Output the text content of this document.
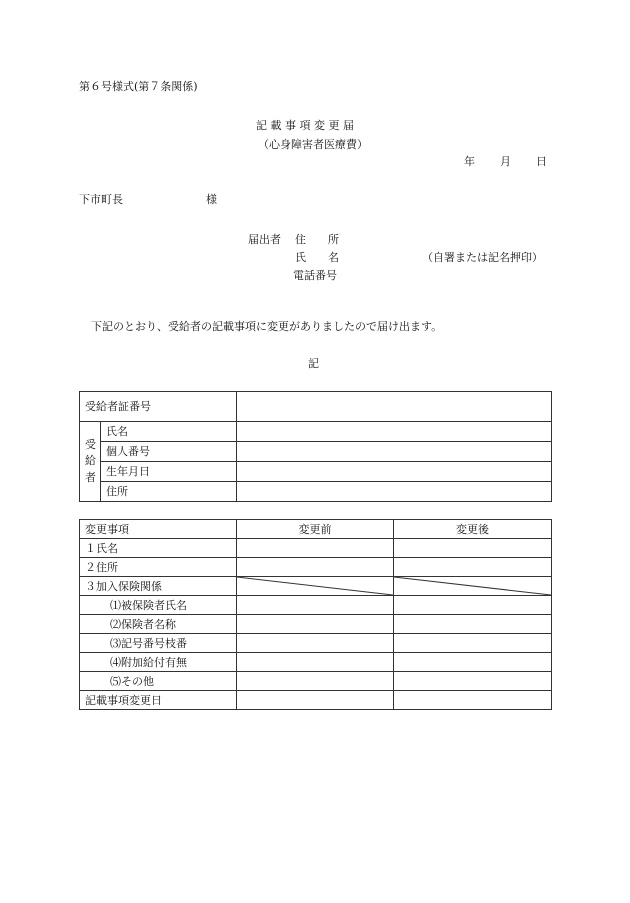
第６号様式(第７条関係)
記 載 事 項 変 更 届
（心身障害者医療費）
年 月 日
下市町長	様
届出者 住　　所
氏　　名	（自署または記名押印）
電話番号
下記のとおり、受給者の記載事項に変更がありましたので届け出ます。
記
受給者証番号		
受給者	氏名	
	個人番号	
	生年月日	
	住所	
変更事項	変更前	変更後
１氏名		
２住所		
３加入保険関係	

⑴被保険者氏名		
⑵保険者名称		
⑶記号番号枝番		
⑷附加給付有無		
⑸その他		
記載事項変更日		
